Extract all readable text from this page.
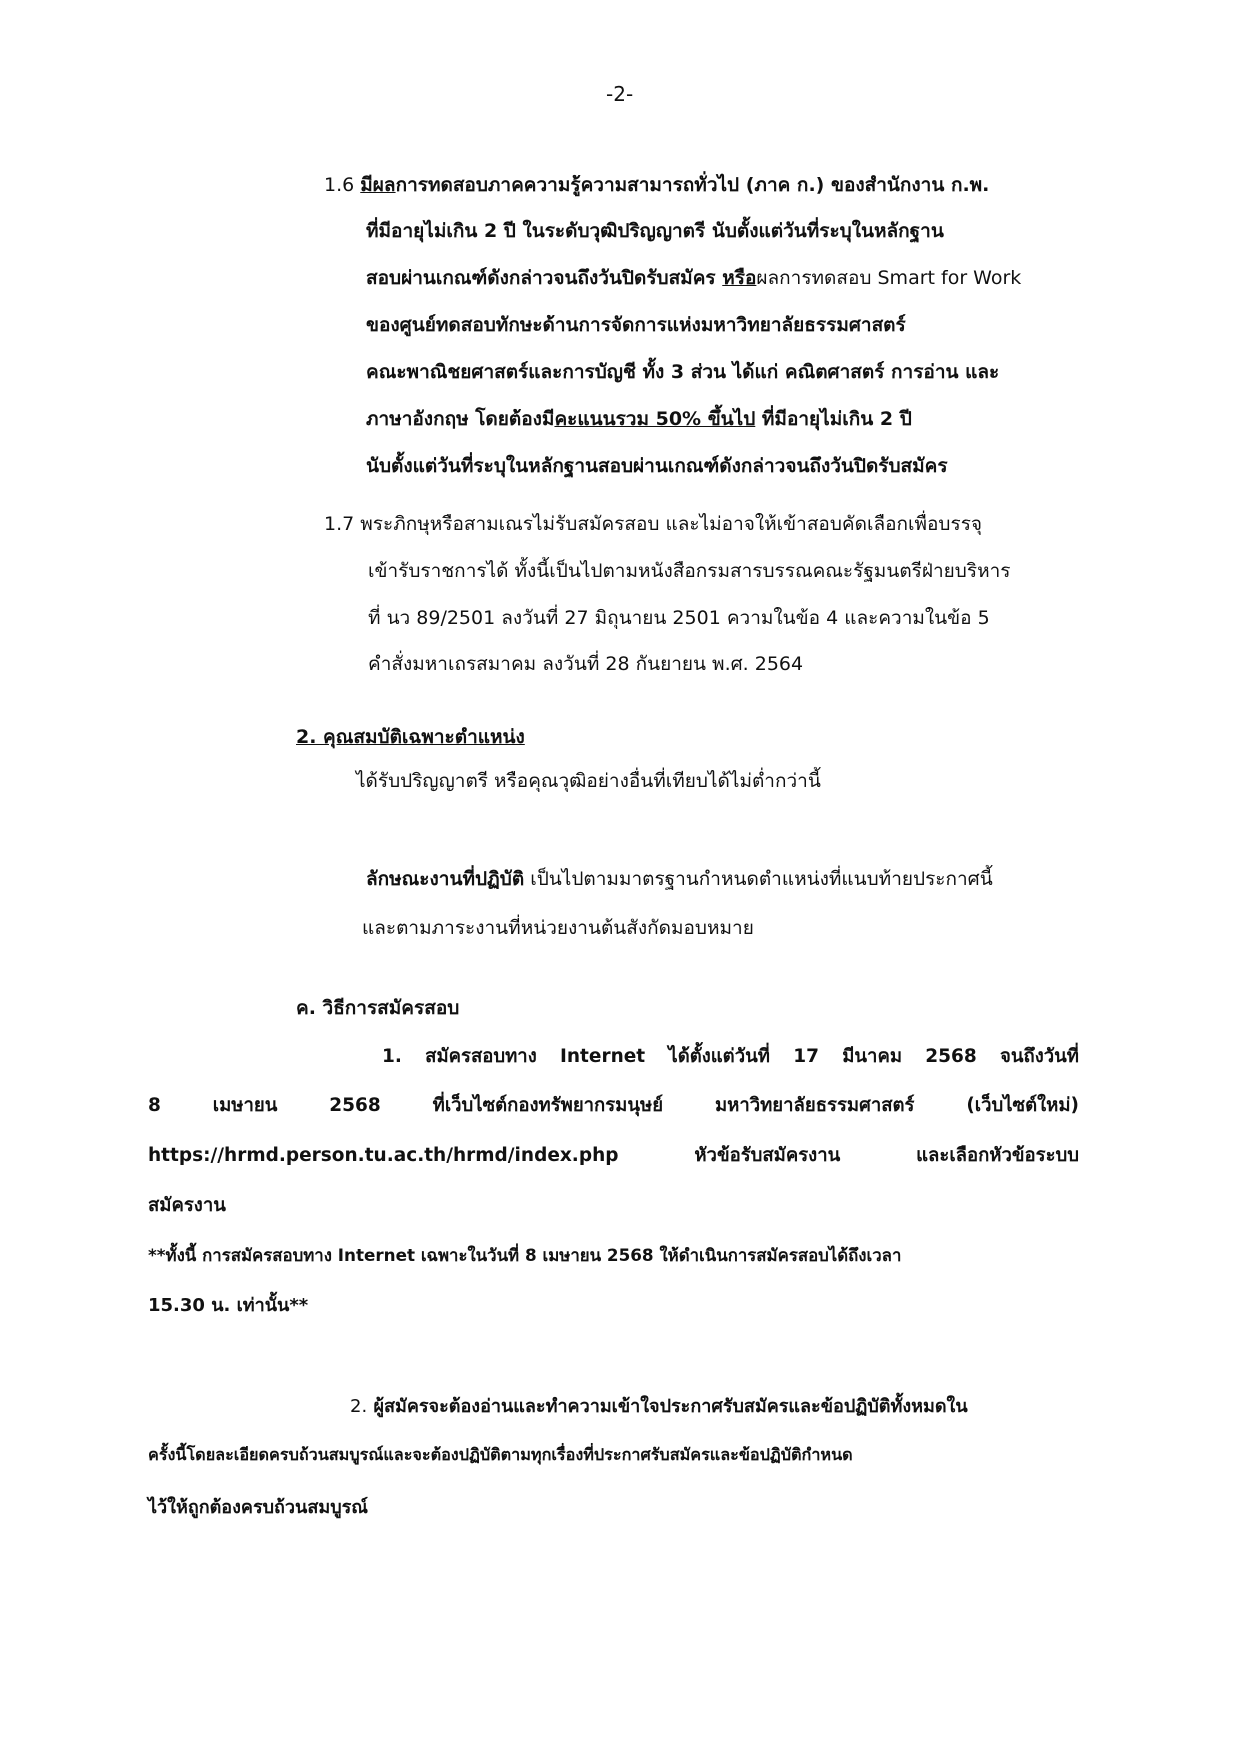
-2-
1.6 มีผลการทดสอบภาคความรู้ความสามารถทั่วไป (ภาค ก.) ของสำนักงาน ก.พ.
ที่มีอายุไม่เกิน 2 ปี ในระดับวุฒิปริญญาตรี นับตั้งแต่วันที่ระบุในหลักฐาน
สอบผ่านเกณฑ์ดังกล่าวจนถึงวันปิดรับสมัคร หรือผลการทดสอบ Smart for Work
ของศูนย์ทดสอบทักษะด้านการจัดการแห่งมหาวิทยาลัยธรรมศาสตร์
คณะพาณิชยศาสตร์และการบัญชี ทั้ง 3 ส่วน ได้แก่ คณิตศาสตร์ การอ่าน และ
ภาษาอังกฤษ โดยต้องมีคะแนนรวม 50% ขึ้นไป ที่มีอายุไม่เกิน 2 ปี
นับตั้งแต่วันที่ระบุในหลักฐานสอบผ่านเกณฑ์ดังกล่าวจนถึงวันปิดรับสมัคร
1.7 พระภิกษุหรือสามเณรไม่รับสมัครสอบ และไม่อาจให้เข้าสอบคัดเลือกเพื่อบรรจุ
เข้ารับราชการได้ ทั้งนี้เป็นไปตามหนังสือกรมสารบรรณคณะรัฐมนตรีฝ่ายบริหาร
ที่ นว 89/2501 ลงวันที่ 27 มิถุนายน 2501 ความในข้อ 4 และความในข้อ 5
คำสั่งมหาเถรสมาคม ลงวันที่ 28 กันยายน พ.ศ. 2564
2. คุณสมบัติเฉพาะตำแหน่ง
ได้รับปริญญาตรี หรือคุณวุฒิอย่างอื่นที่เทียบได้ไม่ต่ำกว่านี้
ลักษณะงานที่ปฏิบัติ เป็นไปตามมาตรฐานกำหนดตำแหน่งที่แนบท้ายประกาศนี้
และตามภาระงานที่หน่วยงานต้นสังกัดมอบหมาย
ค. วิธีการสมัครสอบ
1. สมัครสอบทาง Internet ได้ตั้งแต่วันที่ 17 มีนาคม 2568 จนถึงวันที่
8 เมษายน 2568 ที่เว็บไซต์กองทรัพยากรมนุษย์ มหาวิทยาลัยธรรมศาสตร์ (เว็บไซต์ใหม่)
https://hrmd.person.tu.ac.th/hrmd/index.php หัวข้อรับสมัครงาน และเลือกหัวข้อระบบ
สมัครงาน
**ทั้งนี้ การสมัครสอบทาง Internet เฉพาะในวันที่ 8 เมษายน 2568 ให้ดำเนินการสมัครสอบได้ถึงเวลา
15.30 น. เท่านั้น**
2. ผู้สมัครจะต้องอ่านและทำความเข้าใจประกาศรับสมัครและข้อปฏิบัติทั้งหมดใน
ครั้งนี้โดยละเอียดครบถ้วนสมบูรณ์และจะต้องปฏิบัติตามทุกเรื่องที่ประกาศรับสมัครและข้อปฏิบัติกำหนด
ไว้ให้ถูกต้องครบถ้วนสมบูรณ์
